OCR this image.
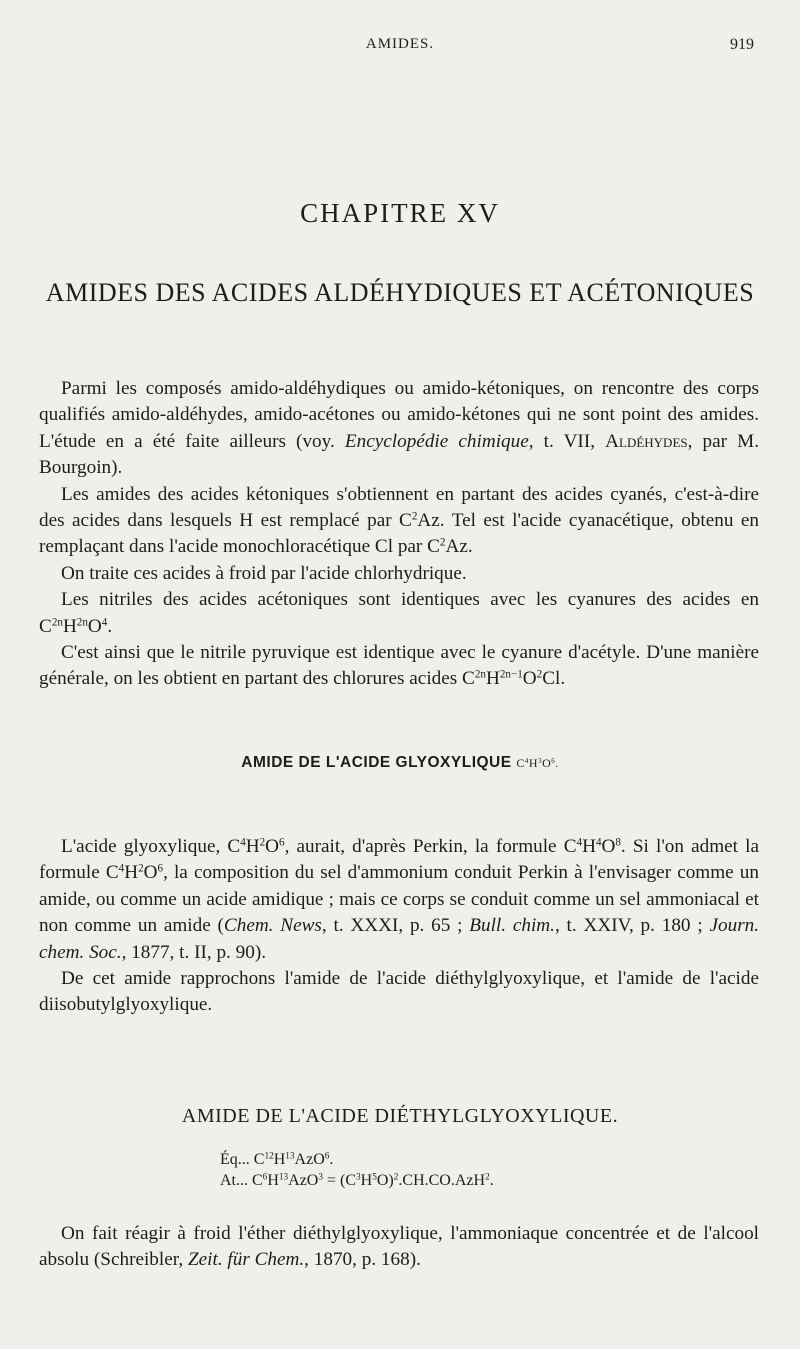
AMIDES.	919
CHAPITRE XV
AMIDES DES ACIDES ALDÉHYDIQUES ET ACÉTONIQUES

Parmi les composés amido-aldéhydiques ou amido-kétoniques, on rencontre des corps qualifiés amido-aldéhydes, amido-acétones ou amido-kétones qui ne sont point des amides. L'étude en a été faite ailleurs (voy. Encyclopédie chimique, t. VII, Aldéhydes, par M. Bourgoin).

Les amides des acides kétoniques s'obtiennent en partant des acides cyanés, c'est-à-dire des acides dans lesquels H est remplacé par $C^2Az$. Tel est l'acide cyanacétique, obtenu en remplaçant dans l'acide monochloracétique Cl par $C^2Az$.

On traite ces acides à froid par l'acide chlorhydrique.

Les nitriles des acides acétoniques sont identiques avec les cyanures des acides en $C^{2n}H^{2n}O^4$.

C'est ainsi que le nitrile pyruvique est identique avec le cyanure d'acétyle. D'une manière générale, on les obtient en partant des chlorures acides $C^{2n}H^{2n-1}O^2Cl$.

AMIDE DE L'ACIDE GLYOXYLIQUE $C^4H^3O^6$.

L'acide glyoxylique, $C^4H^2O^6$, aurait, d'après Perkin, la formule $C^4H^4O^8$. Si l'on admet la formule $C^4H^2O^6$, la composition du sel d'ammonium conduit Perkin à l'envisager comme un amide, ou comme un acide amidique ; mais ce corps se conduit comme un sel ammoniacal et non comme un amide (Chem. News, t. XXXI, p. 65 ; Bull. chim., t. XXIV, p. 180 ; Journ. chem. Soc., 1877, t. II, p. 90).

De cet amide rapprochons l'amide de l'acide diéthylglyoxylique, et l'amide de l'acide diisobutylglyoxylique.

AMIDE DE L'ACIDE DIÉTHYLGLYOXYLIQUE.
Éq... $C^{12}H^{13}AzO^6$.
At... $C^6H^{13}AzO^3 = (C^3H^5O)^2.CH.CO.AzH^2$.

On fait réagir à froid l'éther diéthylglyoxylique, l'ammoniaque concentrée et de l'alcool absolu (Schreibler, Zeit. für Chem., 1870, p. 168).
